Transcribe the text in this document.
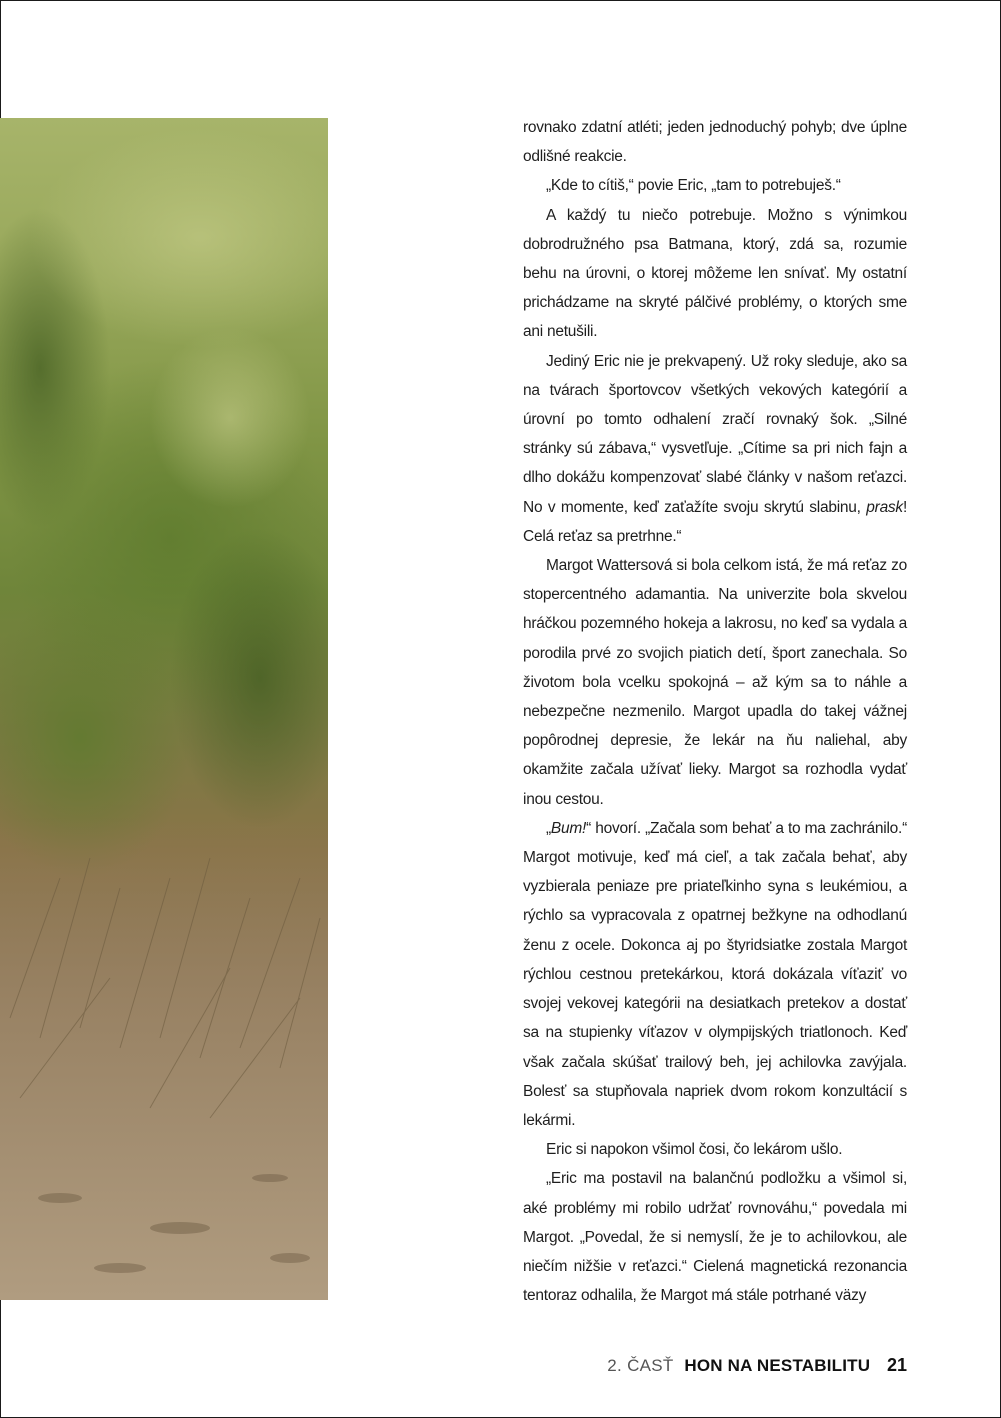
rovnako zdatní atléti; jeden jednoduchý pohyb; dve úplne odlišné reakcie.

„Kde to cítiš,“ povie Eric, „tam to potrebuješ.“

A každý tu niečo potrebuje. Možno s výnimkou dobrodružného psa Batmana, ktorý, zdá sa, rozumie behu na úrovni, o ktorej môžeme len snívať. My ostatní prichádzame na skryté pálčivé problémy, o ktorých sme ani netušili.

Jediný Eric nie je prekvapený. Už roky sleduje, ako sa na tvárach športovcov všetkých vekových kategórií a úrovní po tomto odhalení zračí rovnaký šok. „Silné stránky sú zábava,“ vysvetľuje. „Cítime sa pri nich fajn a dlho dokážu kompenzovať slabé články v našom reťazci. No v momente, keď zaťažíte svoju skrytú slabinu, prask! Celá reťaz sa pretrhne.“

Margot Wattersová si bola celkom istá, že má reťaz zo stopercentného adamantia. Na univerzite bola skvelou hráčkou pozemného hokeja a lakrosu, no keď sa vydala a porodila prvé zo svojich piatich detí, šport zanechala. So životom bola vcelku spokojná – až kým sa to náhle a nebezpečne nezmenilo. Margot upadla do takej vážnej popôrodnej depresie, že lekár na ňu naliehal, aby okamžite začala užívať lieky. Margot sa rozhodla vydať inou cestou.

„Bum!“ hovorí. „Začala som behať a to ma zachránilo.“ Margot motivuje, keď má cieľ, a tak začala behať, aby vyzbierala peniaze pre priateľkinho syna s leukémiou, a rýchlo sa vypracovala z opatrnej bežkyne na odhodlanú ženu z ocele. Dokonca aj po štyridsiatke zostala Margot rýchlou cestnou pretekárkou, ktorá dokázala víťaziť vo svojej vekovej kategórii na desiatkach pretekov a dostať sa na stupienky víťazov v olympijských triatlonoch. Keď však začala skúšať trailový beh, jej achilovka zavýjala. Bolesť sa stupňovala napriek dvom rokom konzultácií s lekármi.

Eric si napokon všimol čosi, čo lekárom ušlo.

„Eric ma postavil na balančnú podložku a všimol si, aké problémy mi robilo udržať rovnováhu,“ povedala mi Margot. „Povedal, že si nemyslí, že je to achilovkou, ale niečím nižšie v reťazci.“ Cielená magnetická rezonancia tentoraz odhalila, že Margot má stále potrhané väzy

2. ČASŤ HON NA NESTABILITU 21
